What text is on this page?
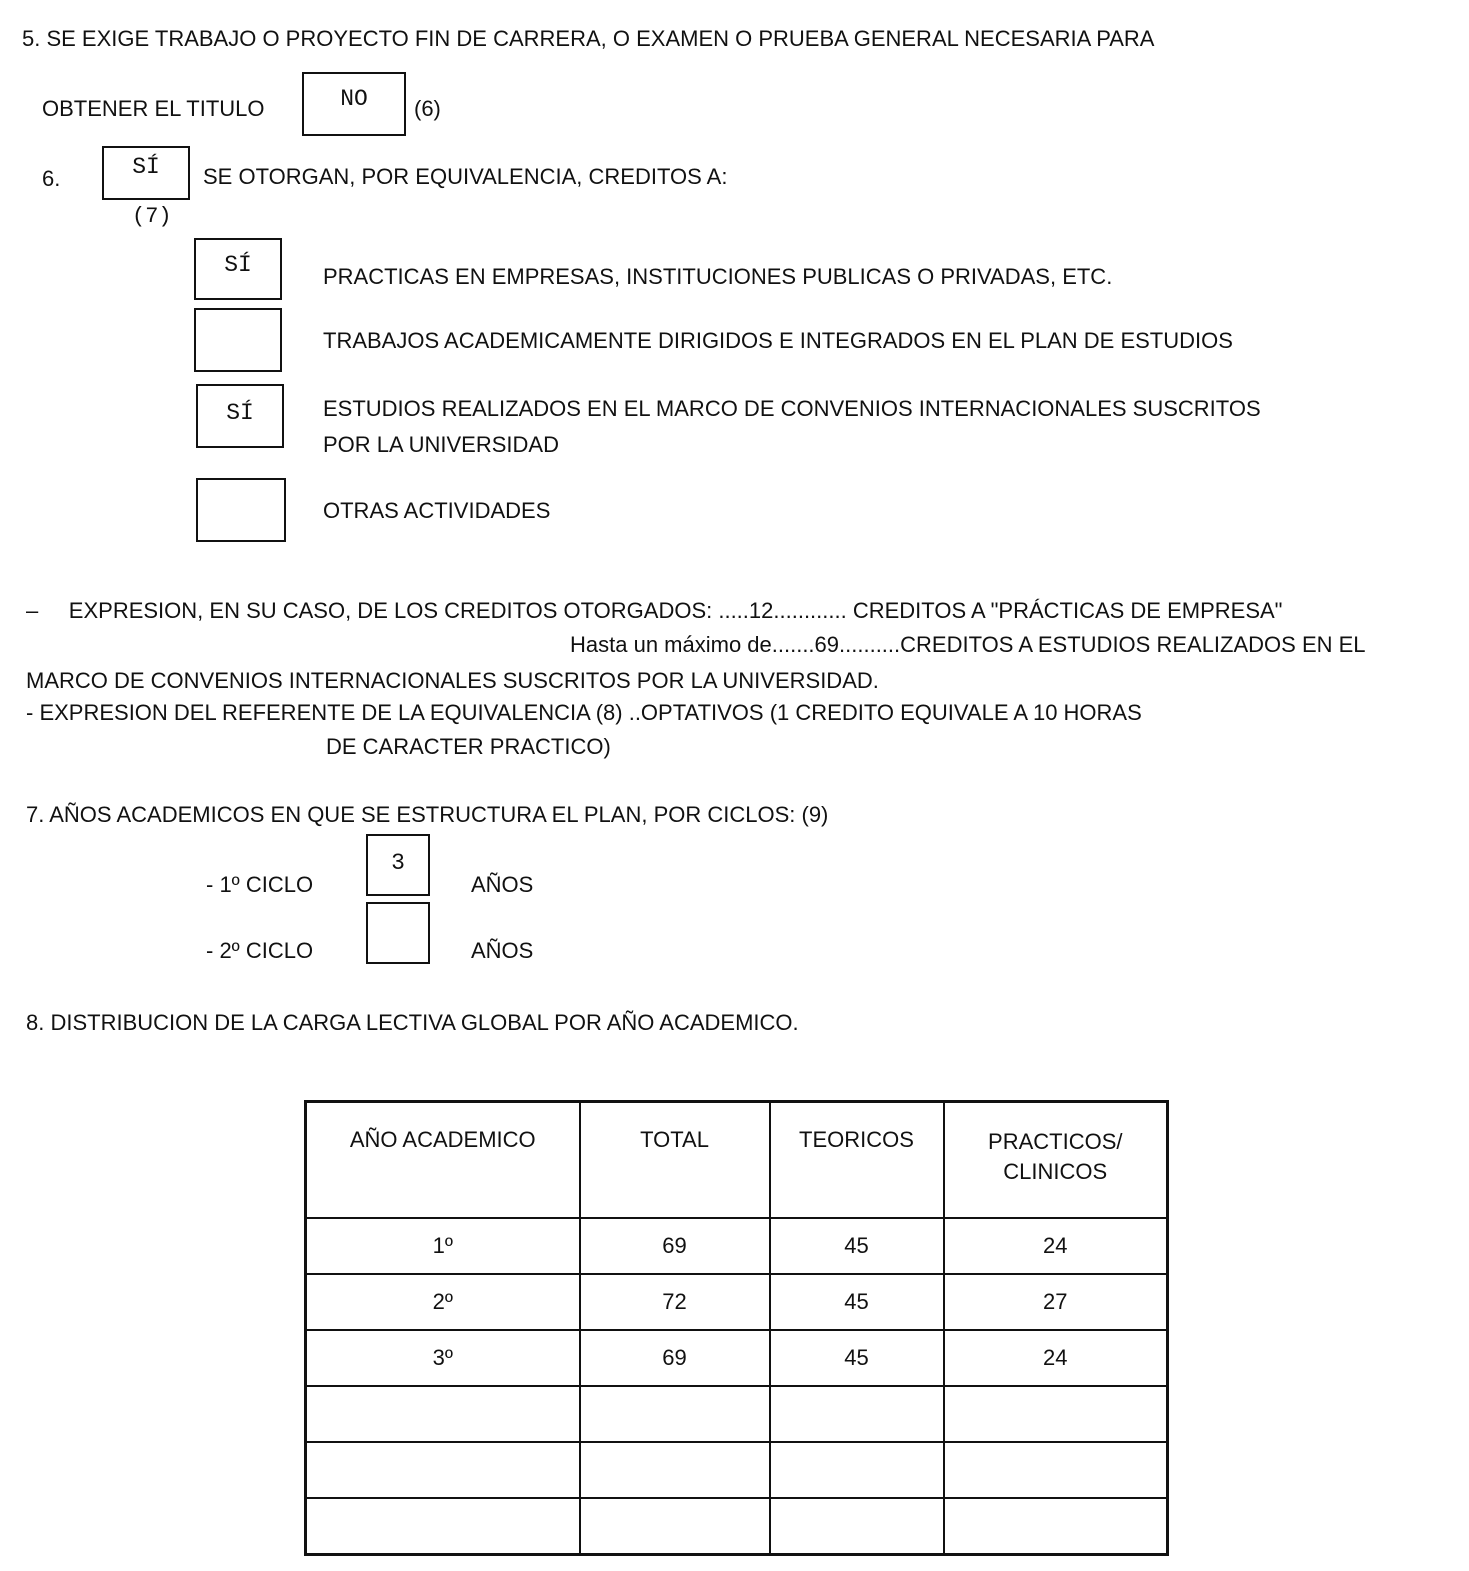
5. SE EXIGE TRABAJO O PROYECTO FIN DE CARRERA, O EXAMEN O PRUEBA GENERAL NECESARIA PARA
OBTENER EL TITULO	NO	(6)
6.	SÍ
(7)
SE OTORGAN, POR EQUIVALENCIA, CREDITOS A:
SÍ	PRACTICAS EN EMPRESAS, INSTITUCIONES PUBLICAS O PRIVADAS, ETC.
TRABAJOS ACADEMICAMENTE DIRIGIDOS E INTEGRADOS EN EL PLAN DE ESTUDIOS
SÍ	ESTUDIOS REALIZADOS EN EL MARCO DE CONVENIOS INTERNACIONALES SUSCRITOS
POR LA UNIVERSIDAD
OTRAS ACTIVIDADES
–     EXPRESION, EN SU CASO, DE LOS CREDITOS OTORGADOS: .....12............ CREDITOS A "PRÁCTICAS DE EMPRESA"
Hasta un máximo de.......69..........CREDITOS A ESTUDIOS REALIZADOS EN EL
MARCO DE CONVENIOS INTERNACIONALES SUSCRITOS POR LA UNIVERSIDAD.
- EXPRESION DEL REFERENTE DE LA EQUIVALENCIA (8) ..OPTATIVOS (1 CREDITO EQUIVALE A 10 HORAS
DE CARACTER PRACTICO)
7. AÑOS ACADEMICOS EN QUE SE ESTRUCTURA EL PLAN, POR CICLOS: (9)
- 1º CICLO
3
AÑOS
- 2º CICLO	AÑOS
8. DISTRIBUCION DE LA CARGA LECTIVA GLOBAL POR AÑO ACADEMICO.
AÑO ACADEMICO	TOTAL	TEORICOS	PRACTICOS/
CLINICOS
1º	69	45	24
2º	72	45	27
3º	69	45	24
